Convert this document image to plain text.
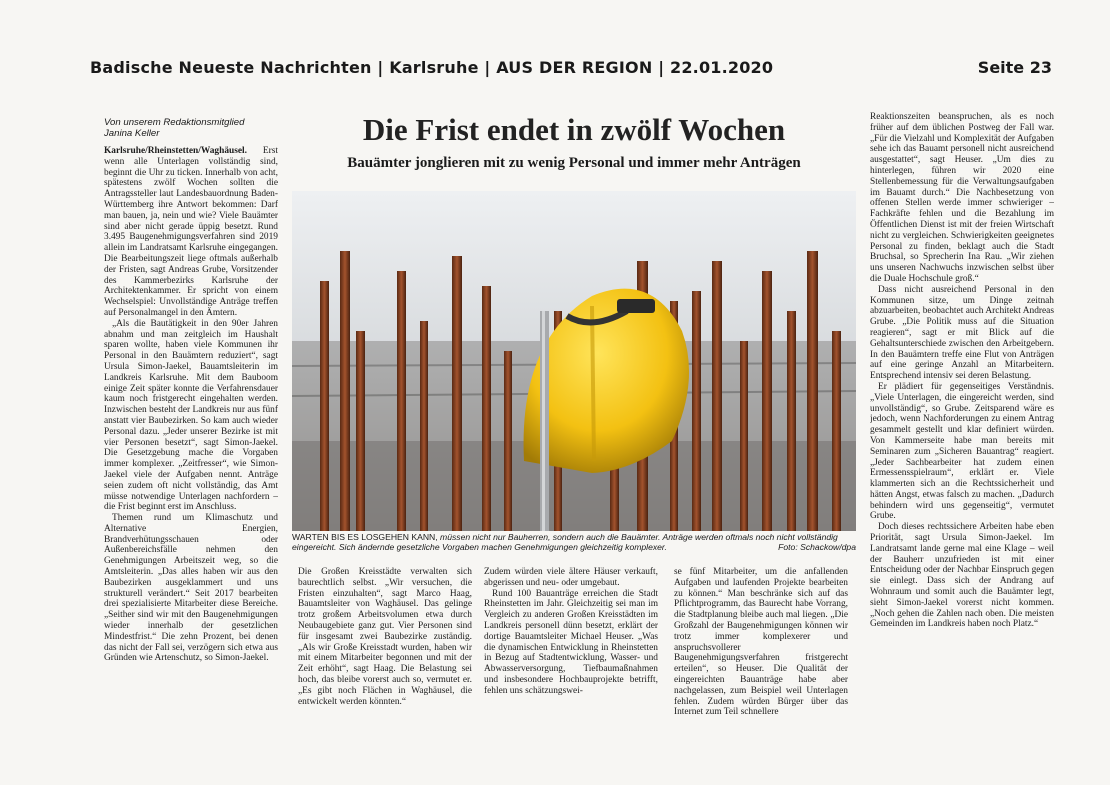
Badische Neueste Nachrichten | Karlsruhe | AUS DER REGION | 22.01.2020	Seite 23
Von unserem Redaktionsmitglied
Janina Keller	Die Frist endet in zwölf Wochen
Bauämter jonglieren mit zu wenig Personal und immer mehr Anträgen

Karlsruhe/Rheinstetten/Waghäusel. Erst wenn alle Unterlagen vollständig sind, beginnt die Uhr zu ticken. Innerhalb von acht, spätestens zwölf Wochen sollten die Antragssteller laut Landesbauordnung Baden-Württemberg ihre Antwort bekommen: Darf man bauen, ja, nein und wie? Viele Bauämter sind aber nicht gerade üppig besetzt. Rund 3.495 Baugenehmigungsverfahren sind 2019 allein im Landratsamt Karlsruhe eingegangen. Die Bearbeitungszeit liege oftmals außerhalb der Fristen, sagt Andreas Grube, Vorsitzender des Kammerbezirks Karlsruhe der Architektenkammer. Er spricht von einem Wechselspiel: Unvollständige Anträge treffen auf Personalmangel in den Ämtern.

„Als die Bautätigkeit in den 90er Jahren abnahm und man zeitgleich im Haushalt sparen wollte, haben viele Kommunen ihr Personal in den Bauämtern reduziert“, sagt Ursula Simon-Jaekel, Bauamtsleiterin im Landkreis Karlsruhe. Mit dem Bauboom einige Zeit später konnte die Verfahrensdauer kaum noch fristgerecht eingehalten werden. Inzwischen besteht der Landkreis nur aus fünf anstatt vier Baubezirken. So kam auch wieder Personal dazu. „Jeder unserer Bezirke ist mit vier Personen besetzt“, sagt Simon-Jaekel. Die Gesetzgebung mache die Vorgaben immer komplexer. „Zeitfresser“, wie Simon-Jaekel viele der Aufgaben nennt. Anträge seien zudem oft nicht vollständig, das Amt müsse notwendige Unterlagen nachfordern – die Frist beginnt erst im Anschluss.

Themen rund um Klimaschutz und Alternative Energien, Brandverhütungsschauen oder Außenbereichsfälle nehmen den Genehmigungen Arbeitszeit weg, so die Amtsleiterin. „Das alles haben wir aus den Baubezirken ausgeklammert und uns strukturell verändert.“ Seit 2017 bearbeiten drei spezialisierte Mitarbeiter diese Bereiche. „Seither sind wir mit den Baugenehmigungen wieder innerhalb der gesetzlichen Mindestfrist.“ Die zehn Prozent, bei denen das nicht der Fall sei, verzögern sich etwa aus Gründen wie Artenschutz, so Simon-Jaekel.

WARTEN BIS ES LOSGEHEN KANN, müssen nicht nur Bauherren, sondern auch die Bauämter. Anträge werden oftmals noch nicht vollständig eingereicht. Sich ändernde gesetzliche Vorgaben machen Genehmigungen gleichzeitig komplexer.	Foto: Schackow/dpa

Die Großen Kreisstädte verwalten sich baurechtlich selbst. „Wir versuchen, die Fristen einzuhalten“, sagt Marco Haag, Bauamtsleiter von Waghäusel. Das gelinge trotz großem Arbeitsvolumen etwa durch Neubaugebiete ganz gut. Vier Personen sind für insgesamt zwei Baubezirke zuständig. „Als wir Große Kreisstadt wurden, haben wir mit einem Mitarbeiter begonnen und mit der Zeit erhöht“, sagt Haag. Die Belastung sei hoch, das bleibe vorerst auch so, vermutet er. „Es gibt noch Flächen in Waghäusel, die entwickelt werden könnten.“

Zudem würden viele ältere Häuser verkauft, abgerissen und neu- oder umgebaut.

Rund 100 Bauanträge erreichen die Stadt Rheinstetten im Jahr. Gleichzeitig sei man im Vergleich zu anderen Großen Kreisstädten im Landkreis personell dünn besetzt, erklärt der dortige Bauamtsleiter Michael Heuser. „Was die dynamischen Entwicklung in Rheinstetten in Bezug auf Stadtentwicklung, Wasser- und Abwasserversorgung, Tiefbaumaßnahmen und insbesondere Hochbauprojekte betrifft, fehlen uns schätzungswei-

se fünf Mitarbeiter, um die anfallenden Aufgaben und laufenden Projekte bearbeiten zu können.“ Man beschränke sich auf das Pflichtprogramm, das Baurecht habe Vorrang, die Stadtplanung bleibe auch mal liegen. „Die Großzahl der Baugenehmigungen können wir trotz immer komplexerer und anspruchsvollerer Baugenehmigungsverfahren fristgerecht erteilen“, so Heuser. Die Qualität der eingereichten Bauanträge habe aber nachgelassen, zum Beispiel weil Unterlagen fehlen. Zudem würden Bürger über das Internet zum Teil schnellere

Reaktionszeiten beanspruchen, als es noch früher auf dem üblichen Postweg der Fall war. „Für die Vielzahl und Komplexität der Aufgaben sehe ich das Bauamt personell nicht ausreichend ausgestattet“, sagt Heuser. „Um dies zu hinterlegen, führen wir 2020 eine Stellenbemessung für die Verwaltungsaufgaben im Bauamt durch.“ Die Nachbesetzung von offenen Stellen werde immer schwieriger – Fachkräfte fehlen und die Bezahlung im Öffentlichen Dienst ist mit der freien Wirtschaft nicht zu vergleichen. Schwierigkeiten geeignetes Personal zu finden, beklagt auch die Stadt Bruchsal, so Sprecherin Ina Rau. „Wir ziehen uns unseren Nachwuchs inzwischen selbst über die Duale Hochschule groß.“

Dass nicht ausreichend Personal in den Kommunen sitze, um Dinge zeitnah abzuarbeiten, beobachtet auch Architekt Andreas Grube. „Die Politik muss auf die Situation reagieren“, sagt er mit Blick auf die Gehaltsunterschiede zwischen den Arbeitgebern. In den Bauämtern treffe eine Flut von Anträgen auf eine geringe Anzahl an Mitarbeitern. Entsprechend intensiv sei deren Belastung.

Er plädiert für gegenseitiges Verständnis. „Viele Unterlagen, die eingereicht werden, sind unvollständig“, so Grube. Zeitsparend wäre es jedoch, wenn Nachforderungen zu einem Antrag gesammelt gestellt und klar definiert würden. Von Kammerseite habe man bereits mit Seminaren zum „Sicheren Bauantrag“ reagiert. „Jeder Sachbearbeiter hat zudem einen Ermessensspielraum“, erklärt er. Viele klammerten sich an die Rechtssicherheit und hätten Angst, etwas falsch zu machen. „Dadurch behindern wird uns gegenseitig“, vermutet Grube.

Doch dieses rechtssichere Arbeiten habe eben Priorität, sagt Ursula Simon-Jaekel. Im Landratsamt lande gerne mal eine Klage – weil der Bauherr unzufrieden ist mit einer Entscheidung oder der Nachbar Einspruch gegen sie einlegt. Dass sich der Andrang auf Wohnraum und somit auch die Bauämter legt, sieht Simon-Jaekel vorerst nicht kommen. „Noch gehen die Zahlen nach oben. Die meisten Gemeinden im Landkreis haben noch Platz.“
